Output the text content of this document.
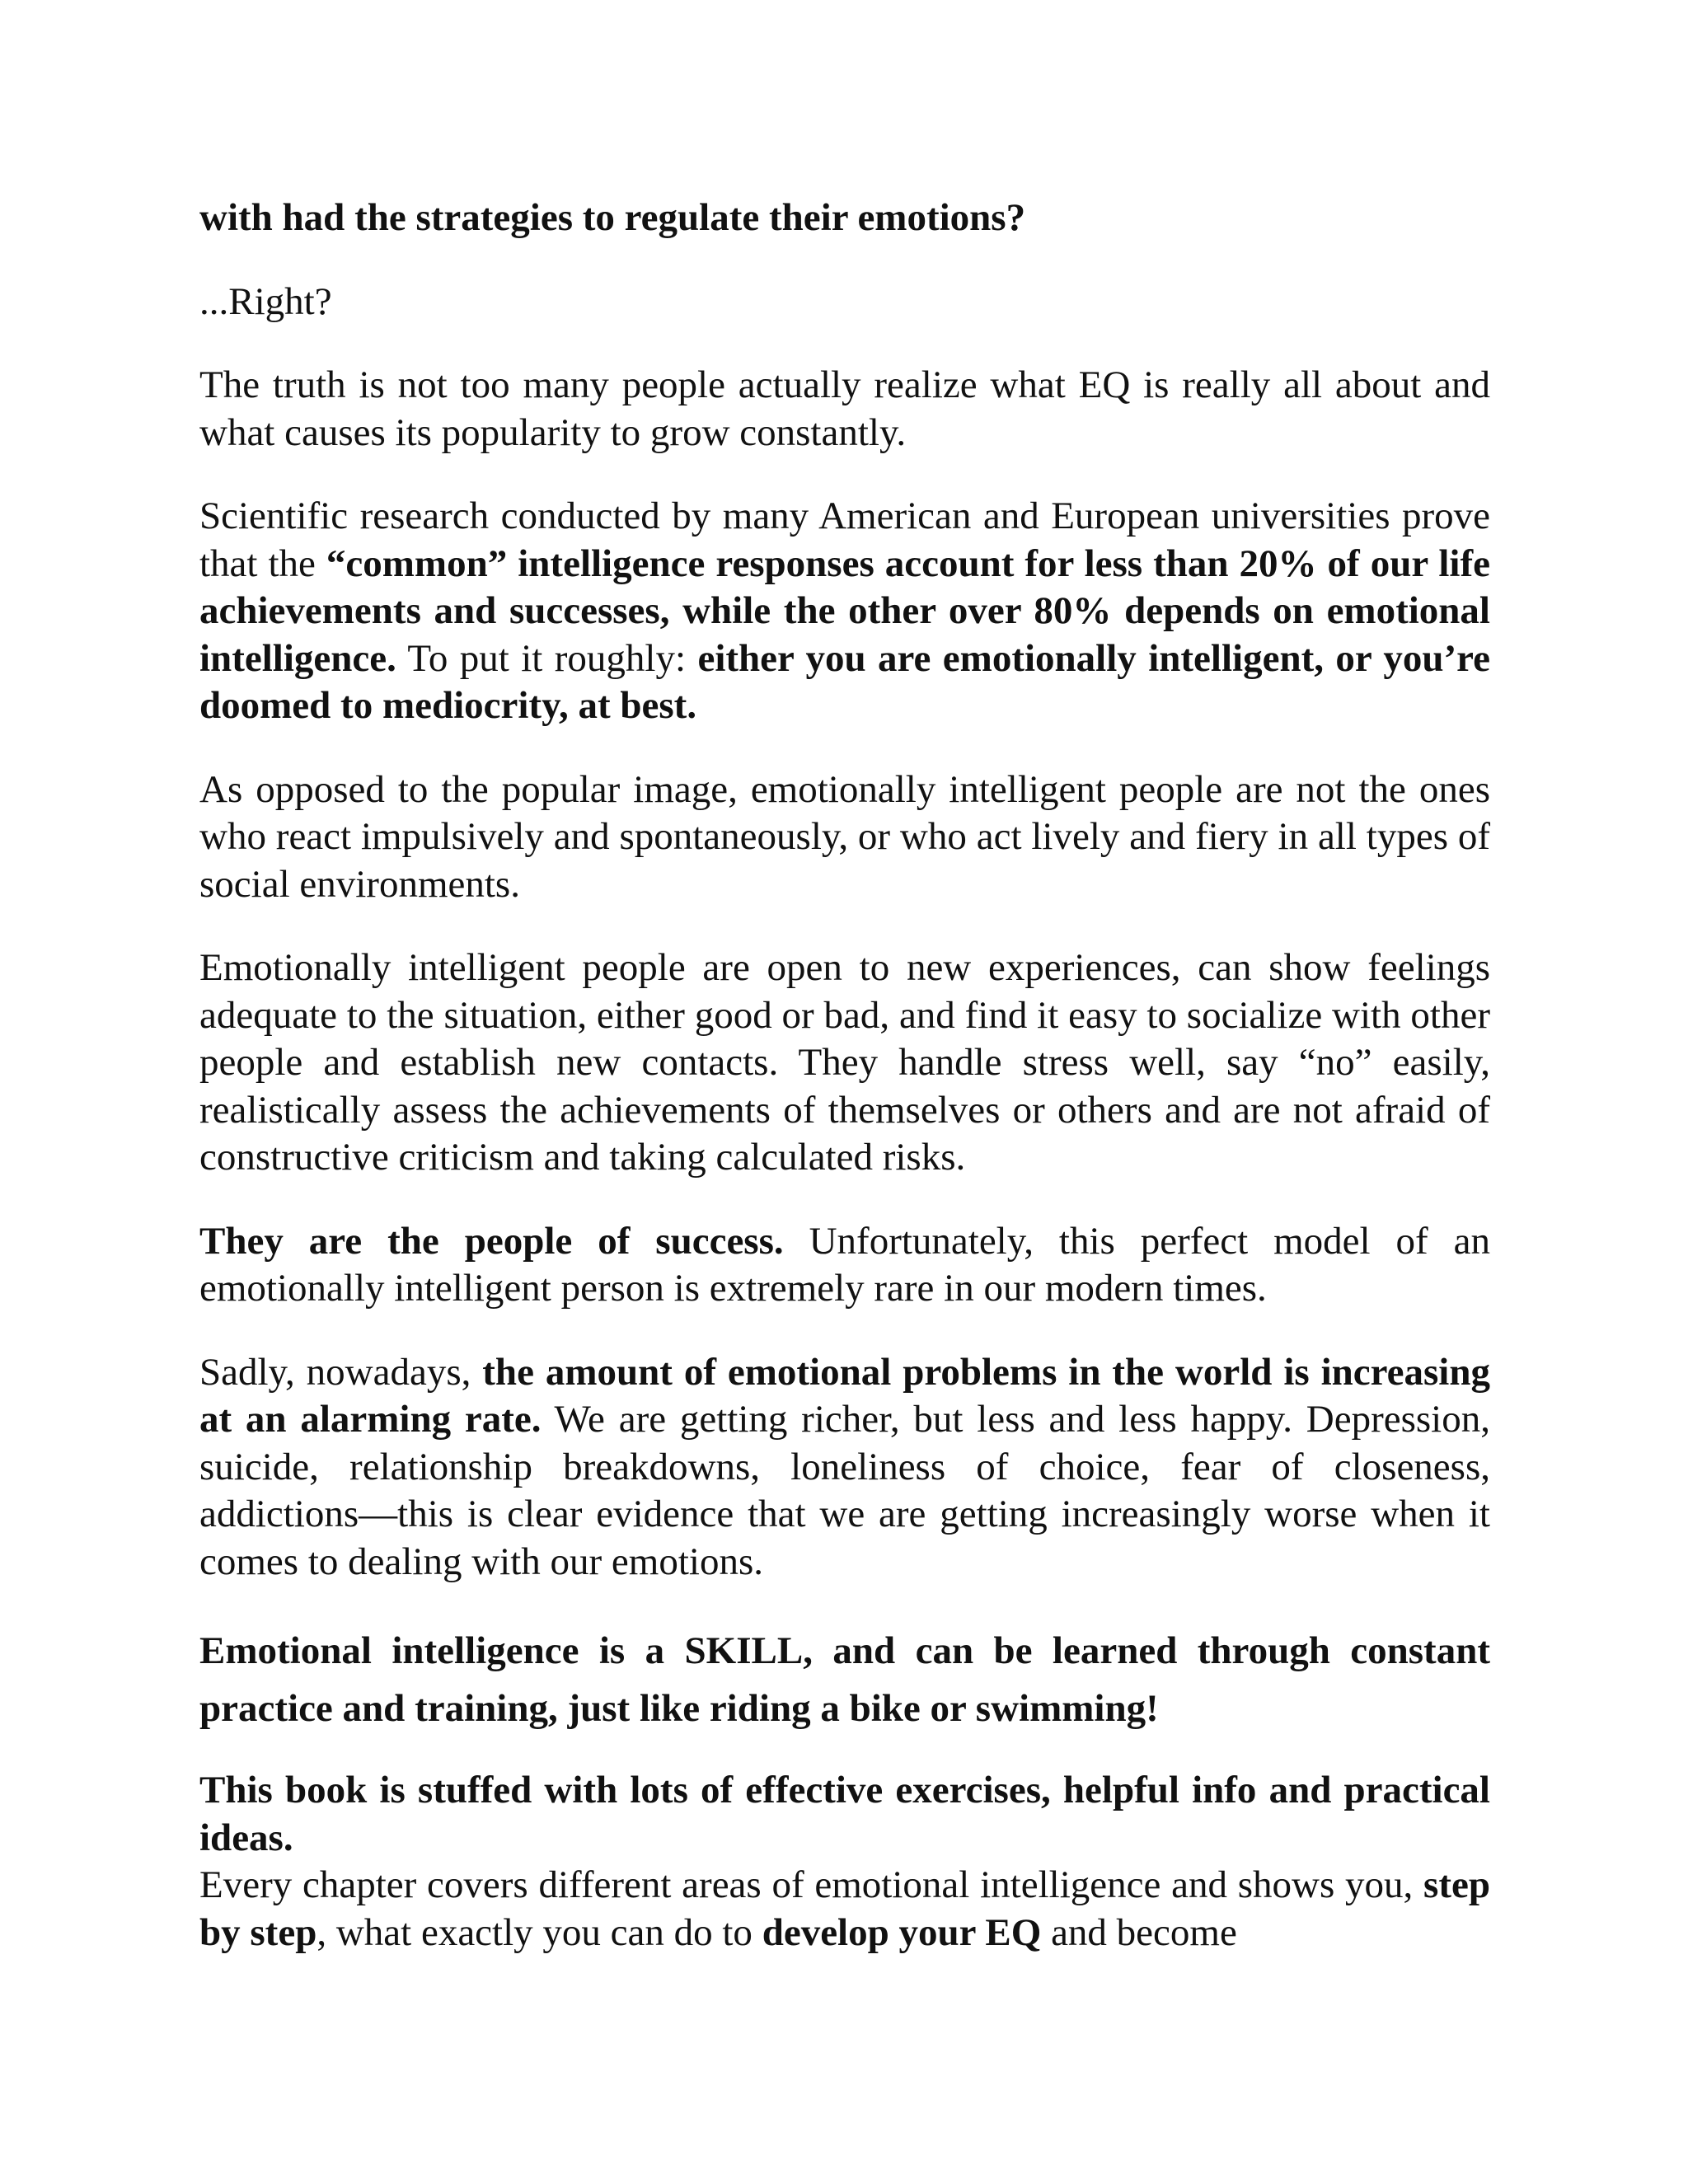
with had the strategies to regulate their emotions?

...Right?

The truth is not too many people actually realize what EQ is really all about and what causes its popularity to grow constantly.

Scientific research conducted by many American and European universities prove that the “common” intelligence responses account for less than 20% of our life achievements and successes, while the other over 80% depends on emotional intelligence. To put it roughly: either you are emotionally intelligent, or you’re doomed to mediocrity, at best.

As opposed to the popular image, emotionally intelligent people are not the ones who react impulsively and spontaneously, or who act lively and fiery in all types of social environments.

Emotionally intelligent people are open to new experiences, can show feelings adequate to the situation, either good or bad, and find it easy to socialize with other people and establish new contacts. They handle stress well, say “no” easily, realistically assess the achievements of themselves or others and are not afraid of constructive criticism and taking calculated risks.

They are the people of success. Unfortunately, this perfect model of an emotionally intelligent person is extremely rare in our modern times.

Sadly, nowadays, the amount of emotional problems in the world is increasing at an alarming rate. We are getting richer, but less and less happy. Depression, suicide, relationship breakdowns, loneliness of choice, fear of closeness, addictions—this is clear evidence that we are getting increasingly worse when it comes to dealing with our emotions.

Emotional intelligence is a SKILL, and can be learned through constant practice and training, just like riding a bike or swimming!

This book is stuffed with lots of effective exercises, helpful info and practical ideas.

Every chapter covers different areas of emotional intelligence and shows you, step by step, what exactly you can do to develop your EQ and become
